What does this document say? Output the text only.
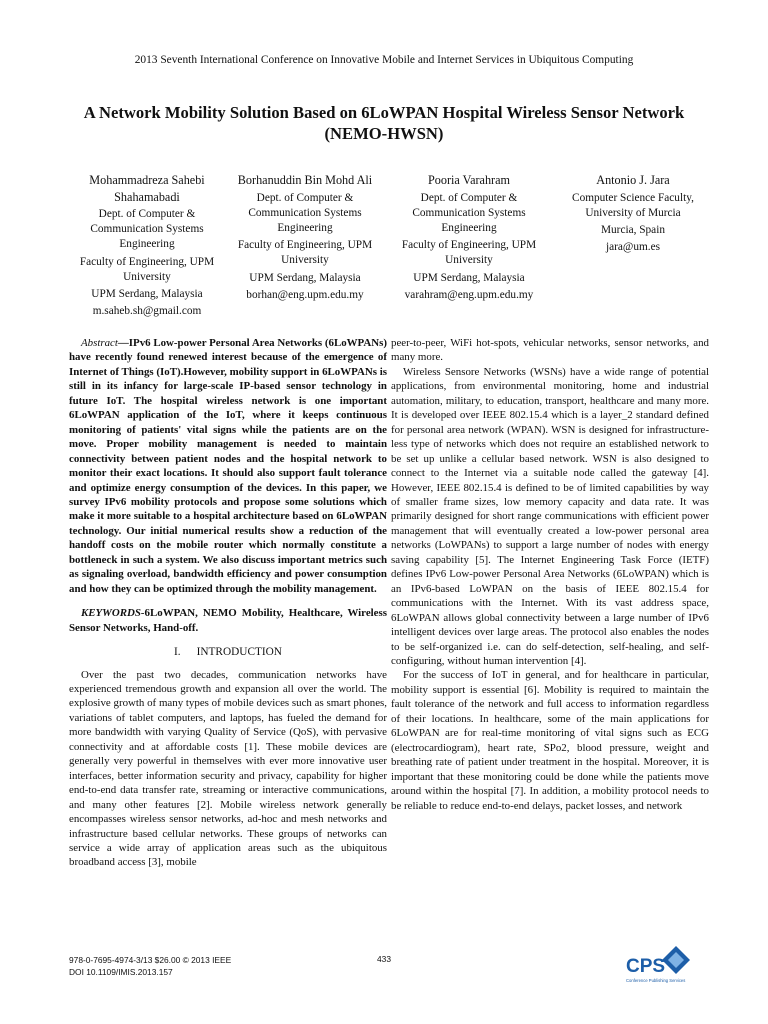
2013 Seventh International Conference on Innovative Mobile and Internet Services in Ubiquitous Computing
A Network Mobility Solution Based on 6LoWPAN Hospital Wireless Sensor Network (NEMO-HWSN)
Mohammadreza Sahebi Shahamabadi
Dept. of Computer & Communication Systems Engineering
Faculty of Engineering, UPM University
UPM Serdang, Malaysia
m.saheb.sh@gmail.com
Borhanuddin Bin Mohd Ali
Dept. of Computer & Communication Systems Engineering
Faculty of Engineering, UPM University
UPM Serdang, Malaysia
borhan@eng.upm.edu.my
Pooria Varahram
Dept. of Computer & Communication Systems Engineering
Faculty of Engineering, UPM University
UPM Serdang, Malaysia
varahram@eng.upm.edu.my
Antonio J. Jara
Computer Science Faculty, University of Murcia
Murcia, Spain
jara@um.es

Abstract—IPv6 Low-power Personal Area Networks (6LoWPANs) have recently found renewed interest because of the emergence of Internet of Things (IoT).However, mobility support in 6LoWPANs is still in its infancy for large-scale IP-based sensor technology in future IoT. The hospital wireless network is one important 6LoWPAN application of the IoT, where it keeps continuous monitoring of patients' vital signs while the patients are on the move. Proper mobility management is needed to maintain connectivity between patient nodes and the hospital network to monitor their exact locations. It should also support fault tolerance and optimize energy consumption of the devices. In this paper, we survey IPv6 mobility protocols and propose some solutions which make it more suitable to a hospital architecture based on 6LoWPAN technology. Our initial numerical results show a reduction of the handoff costs on the mobile router which normally constitute a bottleneck in such a system. We also discuss important metrics such as signaling overload, bandwidth efficiency and power consumption and how they can be optimized through the mobility management.

KEYWORDS-6LoWPAN, NEMO Mobility, Healthcare, Wireless Sensor Networks, Hand-off.

I. INTRODUCTION

Over the past two decades, communication networks have experienced tremendous growth and expansion all over the world. The explosive growth of many types of mobile devices such as smart phones, variations of tablet computers, and laptops, has fueled the demand for more bandwidth with varying Quality of Service (QoS), with pervasive connectivity and at affordable costs [1]. These mobile devices are generally very powerful in themselves with ever more innovative user interfaces, better information security and privacy, capability for higher end-to-end data transfer rate, streaming or interactive communications, and many other features [2]. Mobile wireless network generally encompasses wireless sensor networks, ad-hoc and mesh networks and infrastructure based cellular networks. These groups of networks can service a wide array of application areas such as the ubiquitous broadband access [3], mobile

peer-to-peer, WiFi hot-spots, vehicular networks, sensor networks, and many more.

Wireless Sensore Networks (WSNs) have a wide range of potential applications, from environmental monitoring, home and industrial automation, military, to education, transport, healthcare and many more. It is developed over IEEE 802.15.4 which is a layer_2 standard defined for personal area network (WPAN). WSN is designed for infrastructure-less type of networks which does not require an established network to be set up unlike a cellular based network. WSN is also designed to connect to the Internet via a suitable node called the gateway [4]. However, IEEE 802.15.4 is defined to be of limited capabilities by way of smaller frame sizes, low memory capacity and data rate. It was primarily designed for short range communications with efficient power management that will eventually created a low-power personal area networks (LoWPANs) to support a large number of nodes with energy saving capability [5]. The Internet Engineering Task Force (IETF) defines IPv6 Low-power Personal Area Networks (6LoWPAN) which is an IPv6-based LoWPAN on the basis of IEEE 802.15.4 for communications with the Internet. With its vast address space, 6LoWPAN allows global connectivity between a large number of IPv6 intelligent devices over large areas. The protocol also enables the nodes to be self-organized i.e. can do self-detection, self-healing, and self-configuring, without human intervention [4].

For the success of IoT in general, and for healthcare in particular, mobility support is essential [6]. Mobility is required to maintain the fault tolerance of the network and full access to information regardless of their locations. In healthcare, some of the main applications for 6LoWPAN are for real-time monitoring of vital signs such as ECG (electrocardiogram), heart rate, SPo2, blood pressure, weight and breathing rate of patient under treatment in the hospital. Moreover, it is important that these monitoring could be done while the patients move around within the hospital [7]. In addition, a mobility protocol needs to be reliable to reduce end-to-end delays, packet losses, and network

978-0-7695-4974-3/13 $26.00 © 2013 IEEE
DOI 10.1109/IMIS.2013.157
433	CPS
Conference Publishing Services
